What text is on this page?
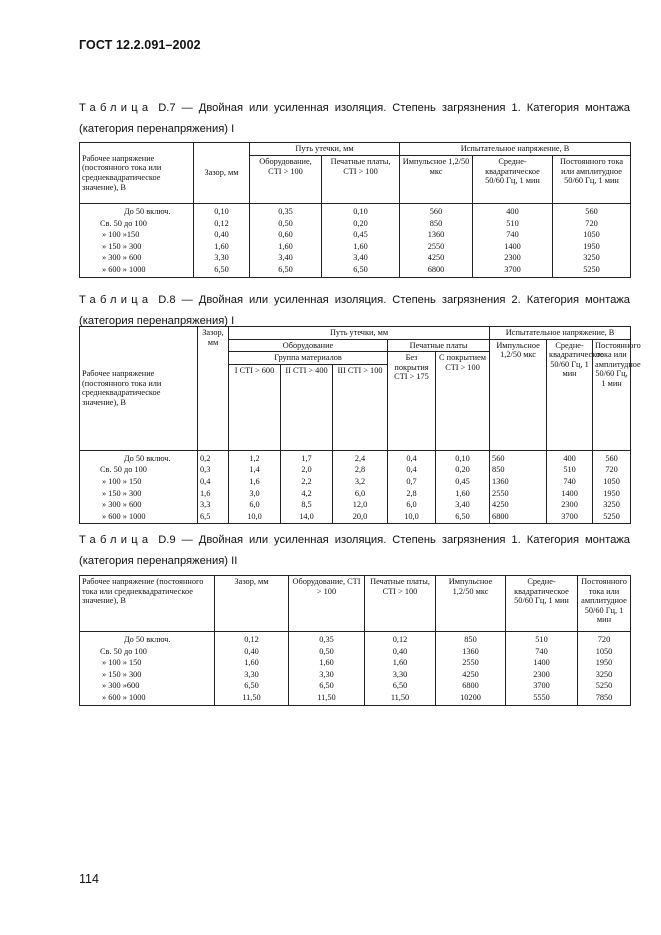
ГОСТ 12.2.091–2002
Таблица D.7 — Двойная или усиленная изоляция. Степень загрязнения 1. Категория монтажа (категория перенапряжения) I
Рабочее напряжение (постоянного тока или среднеквадратическое значение), В	Зазор, мм	Путь утечки, мм		Испытательное напряжение, В		
		Оборудование, CTI > 100	Печатные платы, CTI > 100	Импульсное 1,2/50 мкс	Средне-квадратическое 50/60 Гц, 1 мин	Постоянного тока или амплитудное 50/60 Гц, 1 мин
До 50 включ.	0,10	0,35	0,10	560	400	560
Св. 50 до 100	0,12	0,50	0,20	850	510	720
» 100 »150	0,40	0,60	0,45	1360	740	1050
» 150 » 300	1,60	1,60	1,60	2550	1400	1950
» 300 » 600	3,30	3,40	3,40	4250	2300	3250
» 600 » 1000	6,50	6,50	6,50	6800	3700	5250
Таблица D.8 — Двойная или усиленная изоляция. Степень загрязнения 2. Категория монтажа (категория перенапряжения) I
Рабочее напряжение (постоянного тока или среднеквадратическое значение), В	Зазор, мм	Путь утечки, мм					Испытательное напряжение, В		
		Оборудование			Печатные платы		Импульсное 1,2/50 мкс	Средне-квадратическое 50/60 Гц, 1 мин	Постоянного тока или амплитудное 50/60 Гц, 1 мин
		Группа материалов			Без покрытия CTI > 175	С покрытием CTI > 100			
		I CTI > 600	II CTI > 400	III CTI > 100					
До 50 включ.	0,2	1,2	1,7	2,4	0,4	0,10	560	400	560
Св. 50 до 100	0,3	1,4	2,0	2,8	0,4	0,20	850	510	720
» 100 » 150	0,4	1,6	2,2	3,2	0,7	0,45	1360	740	1050
» 150 » 300	1,6	3,0	4,2	6,0	2,8	1,60	2550	1400	1950
» 300 » 600	3,3	6,0	8,5	12,0	6,0	3,40	4250	2300	3250
» 600 » 1000	6,5	10,0	14,0	20,0	10,0	6,50	6800	3700	5250
Таблица D.9 — Двойная или усиленная изоляция. Степень загрязнения 1. Категория монтажа (категория перенапряжения) II
Рабочее напряжение (постоянного тока или среднеквадратическое значение), В	Зазор, мм	Оборудование, CTI > 100	Печатные платы, CTI > 100	Импульсное 1,2/50 мкс	Средне-квадратическое 50/60 Гц, 1 мин	Постоянного тока или амплитудное 50/60 Гц, 1 мин
До 50 включ.	0,12	0,35	0,12	850	510	720
Св. 50 до 100	0,40	0,50	0,40	1360	740	1050
» 100 » 150	1,60	1,60	1,60	2550	1400	1950
» 150 » 300	3,30	3,30	3,30	4250	2300	3250
» 300 »600	6,50	6,50	6,50	6800	3700	5250
» 600 » 1000	11,50	11,50	11,50	10200	5550	7850
114
